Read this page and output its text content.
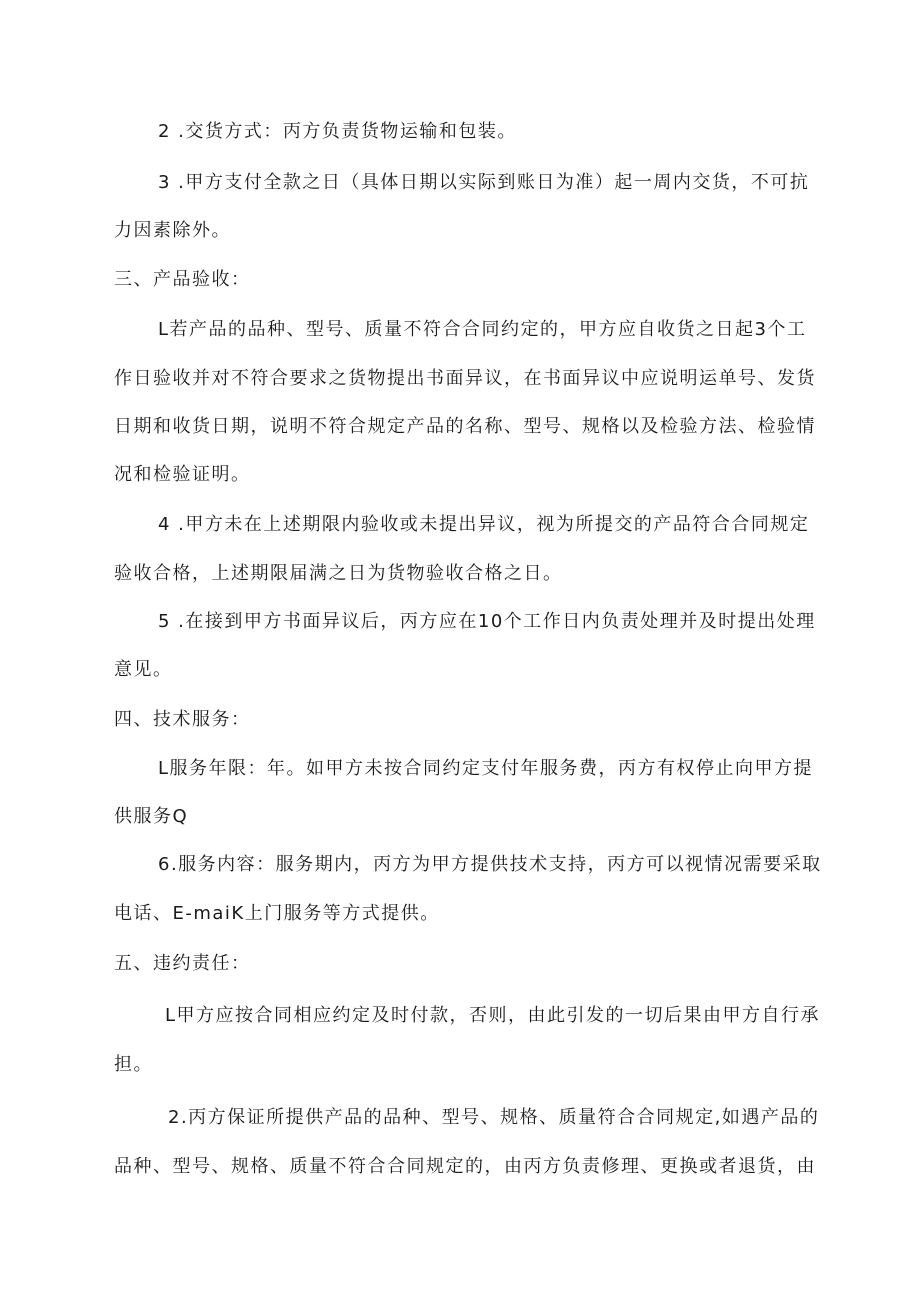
2 .交货方式：丙方负责货物运输和包装。

3 .甲方支付全款之日（具体日期以实际到账日为准）起一周内交货，不可抗

力因素除外。

三、产品验收：

L若产品的品种、型号、质量不符合合同约定的，甲方应自收货之日起3个工

作日验收并对不符合要求之货物提出书面异议，在书面异议中应说明运单号、发货

日期和收货日期，说明不符合规定产品的名称、型号、规格以及检验方法、检验情

况和检验证明。

4 .甲方未在上述期限内验收或未提出异议，视为所提交的产品符合合同规定

验收合格，上述期限届满之日为货物验收合格之日。

5 .在接到甲方书面异议后，丙方应在10个工作日内负责处理并及时提出处理

意见。

四、技术服务：

L服务年限：年。如甲方未按合同约定支付年服务费，丙方有权停止向甲方提

供服务Q

6.服务内容：服务期内，丙方为甲方提供技术支持，丙方可以视情况需要采取

电话、E-maiK上门服务等方式提供。

五、违约责任：

L甲方应按合同相应约定及时付款，否则，由此引发的一切后果由甲方自行承

担。

2.丙方保证所提供产品的品种、型号、规格、质量符合合同规定,如遇产品的

品种、型号、规格、质量不符合合同规定的，由丙方负责修理、更换或者退货，由
